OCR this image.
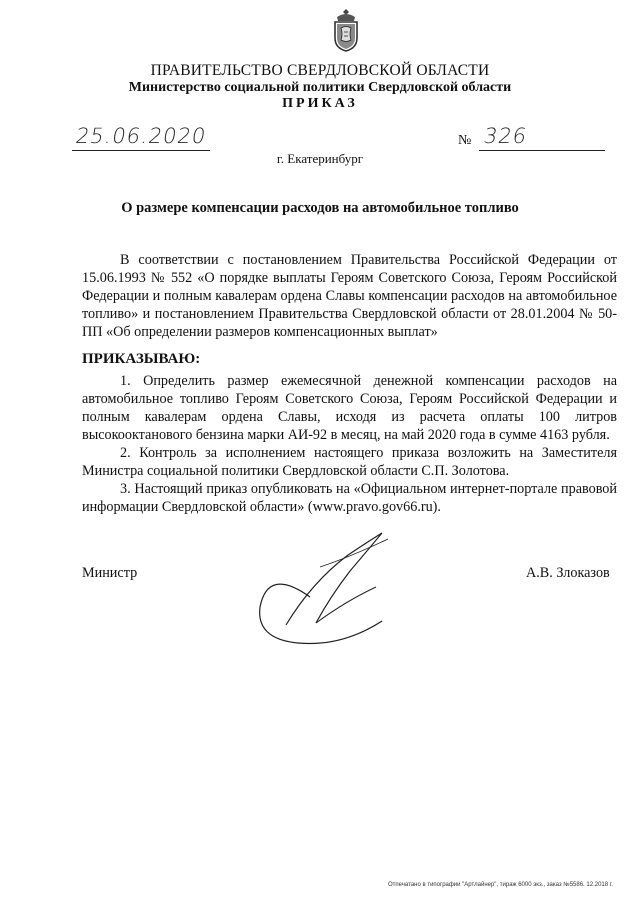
ПРАВИТЕЛЬСТВО СВЕРДЛОВСКОЙ ОБЛАСТИ
Министерство социальной политики Свердловской области
ПРИКАЗ
25.06.2020	№ 326
г. Екатеринбург
О размере компенсации расходов на автомобильное топливо
В соответствии с постановлением Правительства Российской Федерации от 15.06.1993 № 552 «О порядке выплаты Героям Советского Союза, Героям Российской Федерации и полным кавалерам ордена Славы компенсации расходов на автомобильное топливо» и постановлением Правительства Свердловской области от 28.01.2004 № 50-ПП «Об определении размеров компенсационных выплат»
ПРИКАЗЫВАЮ:

1. Определить размер ежемесячной денежной компенсации расходов на автомобильное топливо Героям Советского Союза, Героям Российской Федерации и полным кавалерам ордена Славы, исходя из расчета оплаты 100 литров высокооктанового бензина марки АИ-92 в месяц, на май 2020 года в сумме 4163 рубля.

2. Контроль за исполнением настоящего приказа возложить на Заместителя Министра социальной политики Свердловской области С.П. Золотова.

3. Настоящий приказ опубликовать на «Официальном интернет-портале правовой информации Свердловской области» (www.pravo.gov66.ru).

Министр	А.В. Злоказов
Отпечатано в типографии "Артлайнер", тираж 6000 экз., заказ №5586. 12.2018 г.
